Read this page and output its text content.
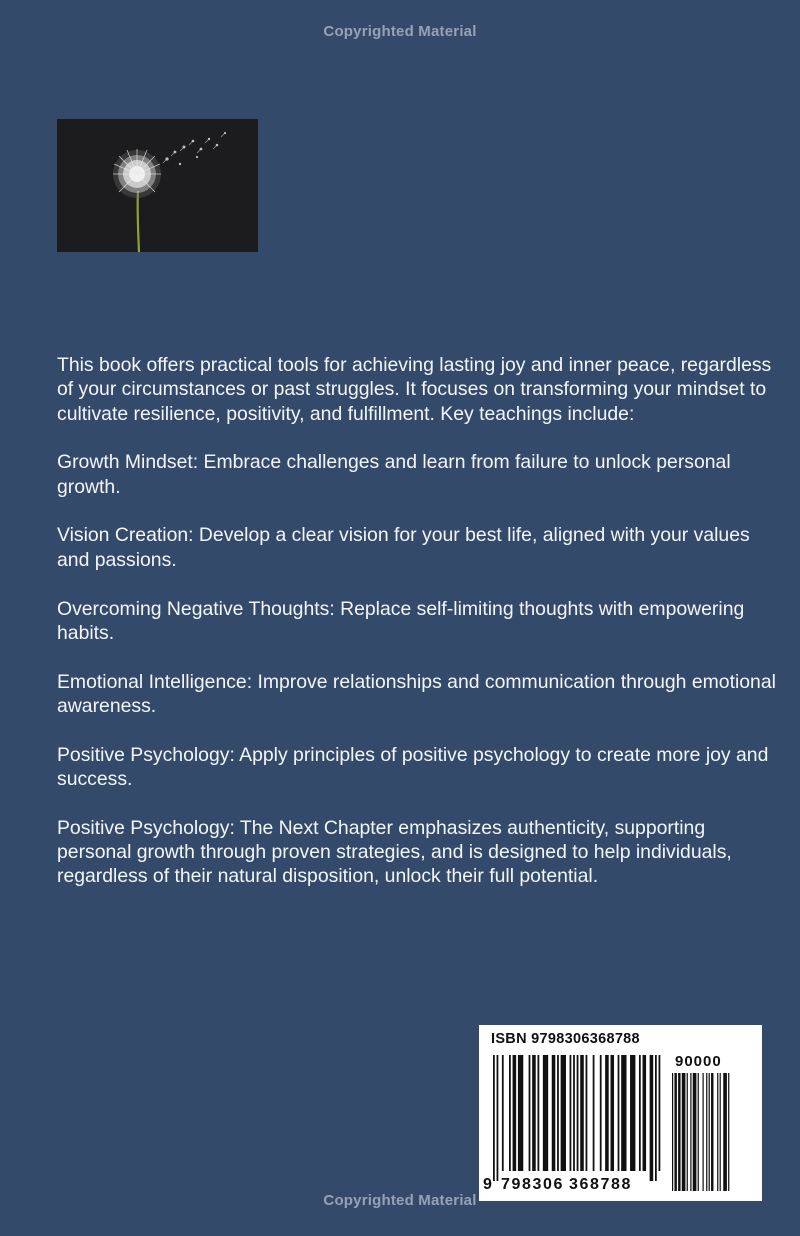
Copyrighted Material

This book offers practical tools for achieving lasting joy and inner peace, regardless of your circumstances or past struggles. It focuses on transforming your mindset to cultivate resilience, positivity, and fulfillment. Key teachings include:

Growth Mindset: Embrace challenges and learn from failure to unlock personal growth.

Vision Creation: Develop a clear vision for your best life, aligned with your values and passions.

Overcoming Negative Thoughts: Replace self-limiting thoughts with empowering habits.

Emotional Intelligence: Improve relationships and communication through emotional awareness.

Positive Psychology: Apply principles of positive psychology to create more joy and success.

Positive Psychology: The Next Chapter emphasizes authenticity, supporting personal growth through proven strategies, and is designed to help individuals, regardless of their natural disposition, unlock their full potential.

ISBN 9798306368788
90000
9 798306 368788
Copyrighted Material
